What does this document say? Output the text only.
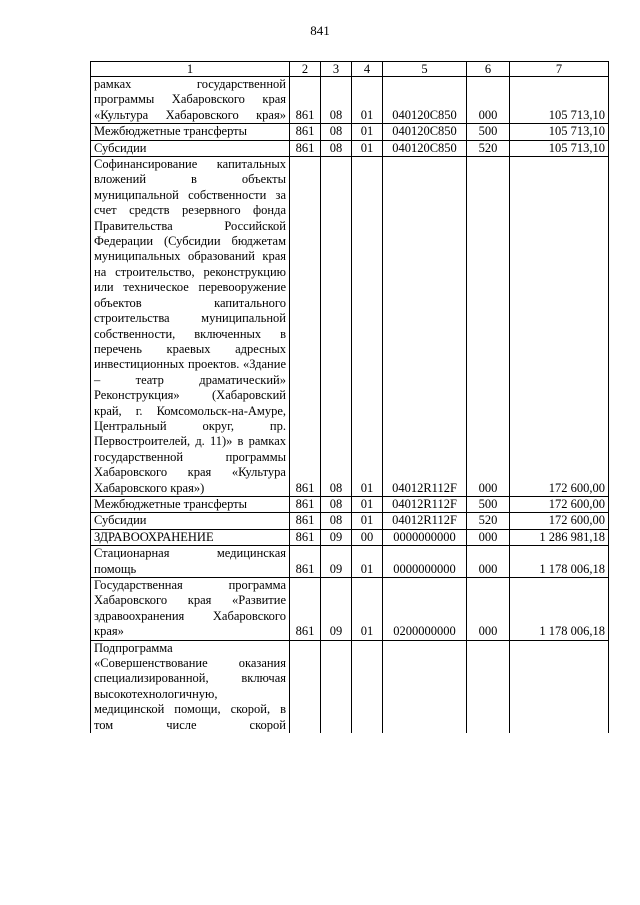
841
1	2	3	4	5	6	7
рамках государственной программы Хабаровского края «Культура Хабаровского края»	861	08	01	040120С850	000	105 713,10
Межбюджетные трансферты	861	08	01	040120С850	500	105 713,10
Субсидии	861	08	01	040120С850	520	105 713,10
Софинансирование капитальных вложений в объекты муниципальной собственности за счет средств резервного фонда Правительства Российской Федерации (Субсидии бюджетам муниципальных образований края на строительство, реконструкцию или техническое перевооружение объектов капитального строительства муниципальной собственности, включенных в перечень краевых адресных инвестиционных проектов. «Здание – театр драматический» Реконструкция» (Хабаровский край, г. Комсомольск-на-Амуре, Центральный округ, пр. Первостроителей, д. 11)» в рамках государственной программы Хабаровского края «Культура Хабаровского края»)	861	08	01	04012R112F	000	172 600,00
Межбюджетные трансферты	861	08	01	04012R112F	500	172 600,00
Субсидии	861	08	01	04012R112F	520	172 600,00
ЗДРАВООХРАНЕНИЕ	861	09	00	0000000000	000	1 286 981,18
Стационарная медицинская помощь	861	09	01	0000000000	000	1 178 006,18
Государственная программа Хабаровского края «Развитие здравоохранения Хабаровского края»	861	09	01	0200000000	000	1 178 006,18
Подпрограмма «Совершенствование оказания специализированной, включая высокотехнологичную, медицинской помощи, скорой, в том числе скорой						
